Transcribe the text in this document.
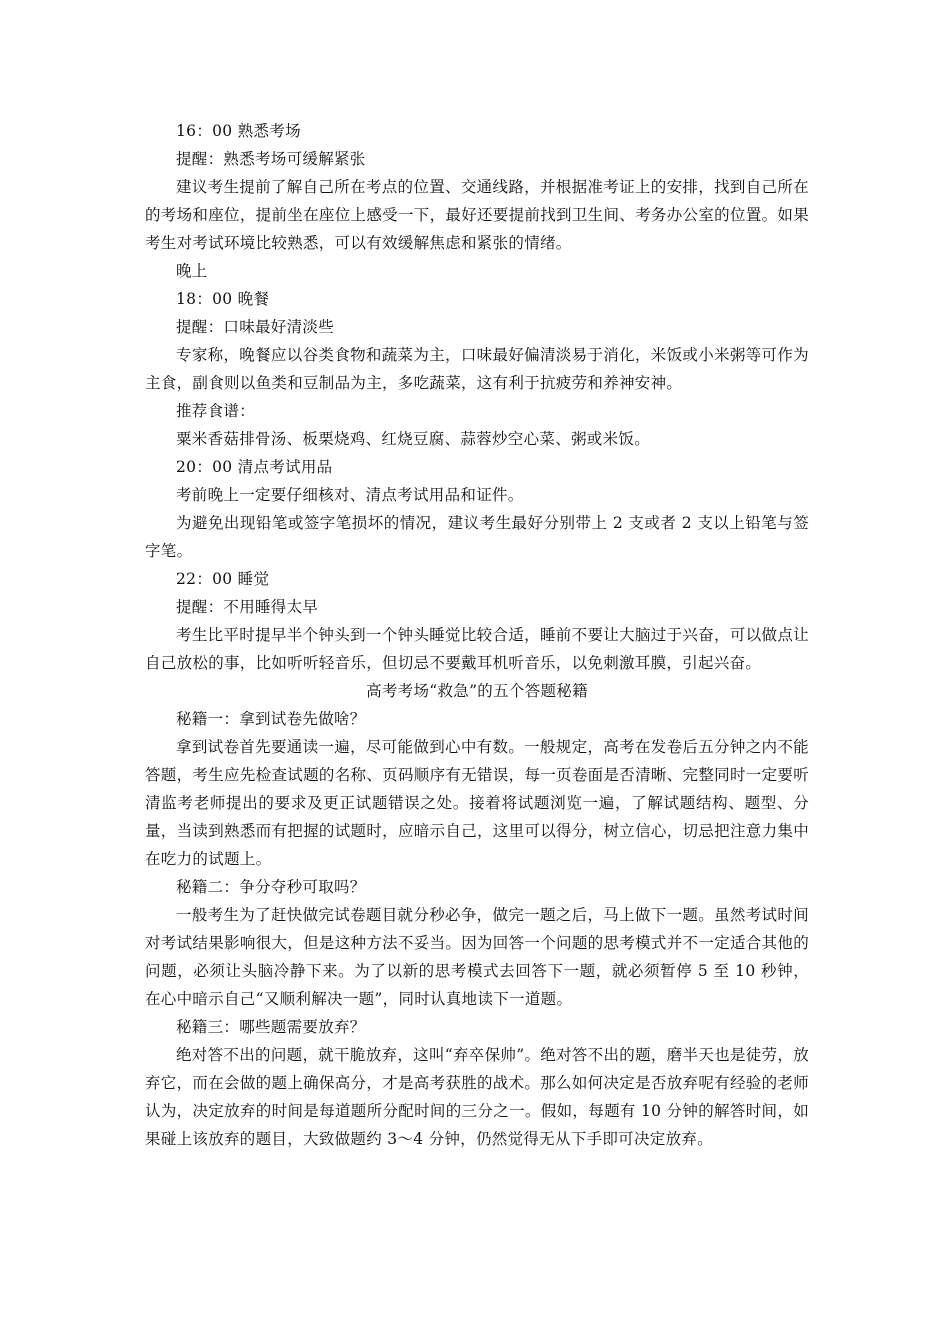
16：00 熟悉考场

提醒：熟悉考场可缓解紧张

建议考生提前了解自己所在考点的位置、交通线路，并根据准考证上的安排，找到自己所在的考场和座位，提前坐在座位上感受一下，最好还要提前找到卫生间、考务办公室的位置。如果考生对考试环境比较熟悉，可以有效缓解焦虑和紧张的情绪。

晚上

18：00 晚餐

提醒：口味最好清淡些

专家称，晚餐应以谷类食物和蔬菜为主，口味最好偏清淡易于消化，米饭或小米粥等可作为主食，副食则以鱼类和豆制品为主，多吃蔬菜，这有利于抗疲劳和养神安神。

推荐食谱：

粟米香菇排骨汤、板栗烧鸡、红烧豆腐、蒜蓉炒空心菜、粥或米饭。

20：00 清点考试用品

考前晚上一定要仔细核对、清点考试用品和证件。

为避免出现铅笔或签字笔损坏的情况，建议考生最好分别带上 2 支或者 2 支以上铅笔与签字笔。

22：00 睡觉

提醒：不用睡得太早

考生比平时提早半个钟头到一个钟头睡觉比较合适，睡前不要让大脑过于兴奋，可以做点让自己放松的事，比如听听轻音乐，但切忌不要戴耳机听音乐，以免刺激耳膜，引起兴奋。

高考考场“救急”的五个答题秘籍

秘籍一：拿到试卷先做啥？

拿到试卷首先要通读一遍，尽可能做到心中有数。一般规定，高考在发卷后五分钟之内不能答题，考生应先检查试题的名称、页码顺序有无错误，每一页卷面是否清晰、完整同时一定要听清监考老师提出的要求及更正试题错误之处。接着将试题浏览一遍，了解试题结构、题型、分量，当读到熟悉而有把握的试题时，应暗示自己，这里可以得分，树立信心，切忌把注意力集中在吃力的试题上。

秘籍二：争分夺秒可取吗？

一般考生为了赶快做完试卷题目就分秒必争，做完一题之后，马上做下一题。虽然考试时间对考试结果影响很大，但是这种方法不妥当。因为回答一个问题的思考模式并不一定适合其他的问题，必须让头脑冷静下来。为了以新的思考模式去回答下一题，就必须暂停 5 至 10 秒钟，在心中暗示自己“又顺利解决一题”，同时认真地读下一道题。

秘籍三：哪些题需要放弃？

绝对答不出的问题，就干脆放弃，这叫“弃卒保帅”。绝对答不出的题，磨半天也是徒劳，放弃它，而在会做的题上确保高分，才是高考获胜的战术。那么如何决定是否放弃呢有经验的老师认为，决定放弃的时间是每道题所分配时间的三分之一。假如，每题有 10 分钟的解答时间，如果碰上该放弃的题目，大致做题约 3～4 分钟，仍然觉得无从下手即可决定放弃。
